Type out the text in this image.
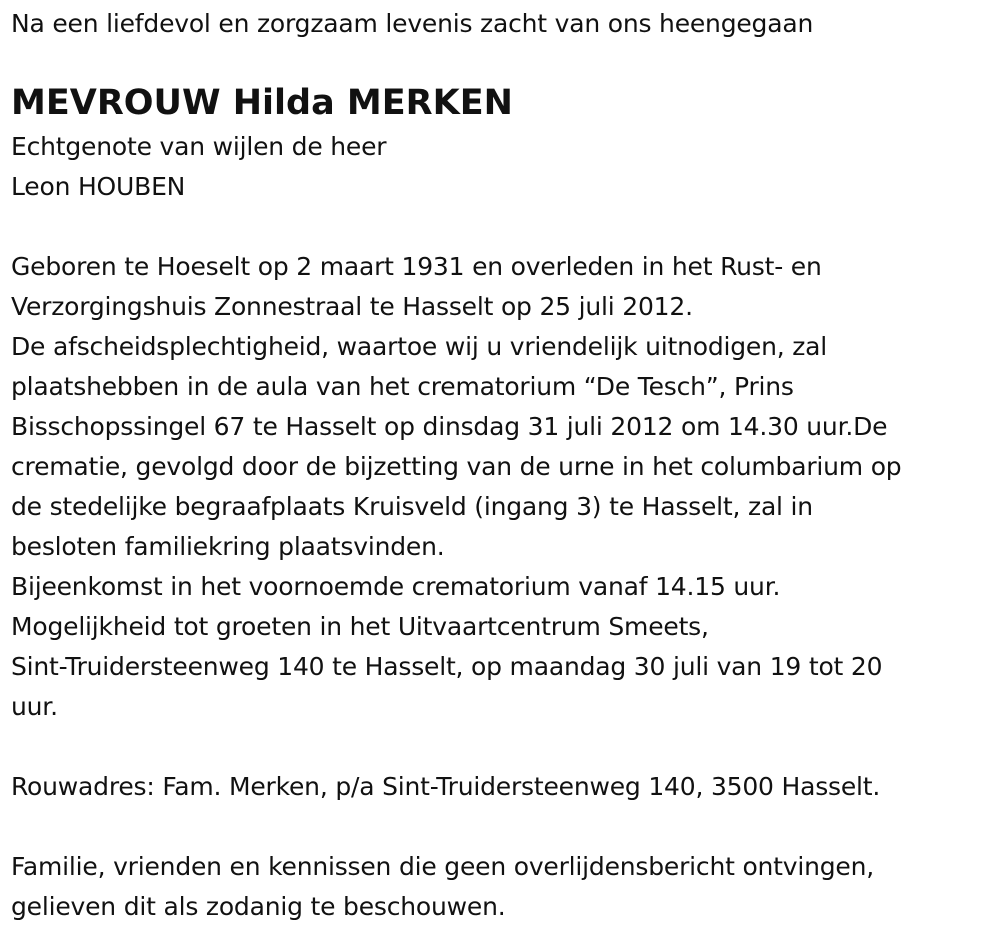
Na een liefdevol en zorgzaam levenis zacht van ons heengegaan
MEVROUW Hilda MERKEN
Echtgenote van wijlen de heer
Leon HOUBEN
Geboren te Hoeselt op 2 maart 1931 en overleden in het Rust- en
Verzorgingshuis Zonnestraal te Hasselt op 25 juli 2012.
De afscheidsplechtigheid, waartoe wij u vriendelijk uitnodigen, zal
plaatshebben in de aula van het crematorium “De Tesch”, Prins
Bisschopssingel 67 te Hasselt op dinsdag 31 juli 2012 om 14.30 uur.De
crematie, gevolgd door de bijzetting van de urne in het columbarium op
de stedelijke begraafplaats Kruisveld (ingang 3) te Hasselt, zal in
besloten familiekring plaatsvinden.
Bijeenkomst in het voornoemde crematorium vanaf 14.15 uur.
Mogelijkheid tot groeten in het Uitvaartcentrum Smeets,
Sint-Truidersteenweg 140 te Hasselt, op maandag 30 juli van 19 tot 20
uur.
Rouwadres: Fam. Merken, p/a Sint-Truidersteenweg 140, 3500 Hasselt.
Familie, vrienden en kennissen die geen overlijdensbericht ontvingen,
gelieven dit als zodanig te beschouwen.
